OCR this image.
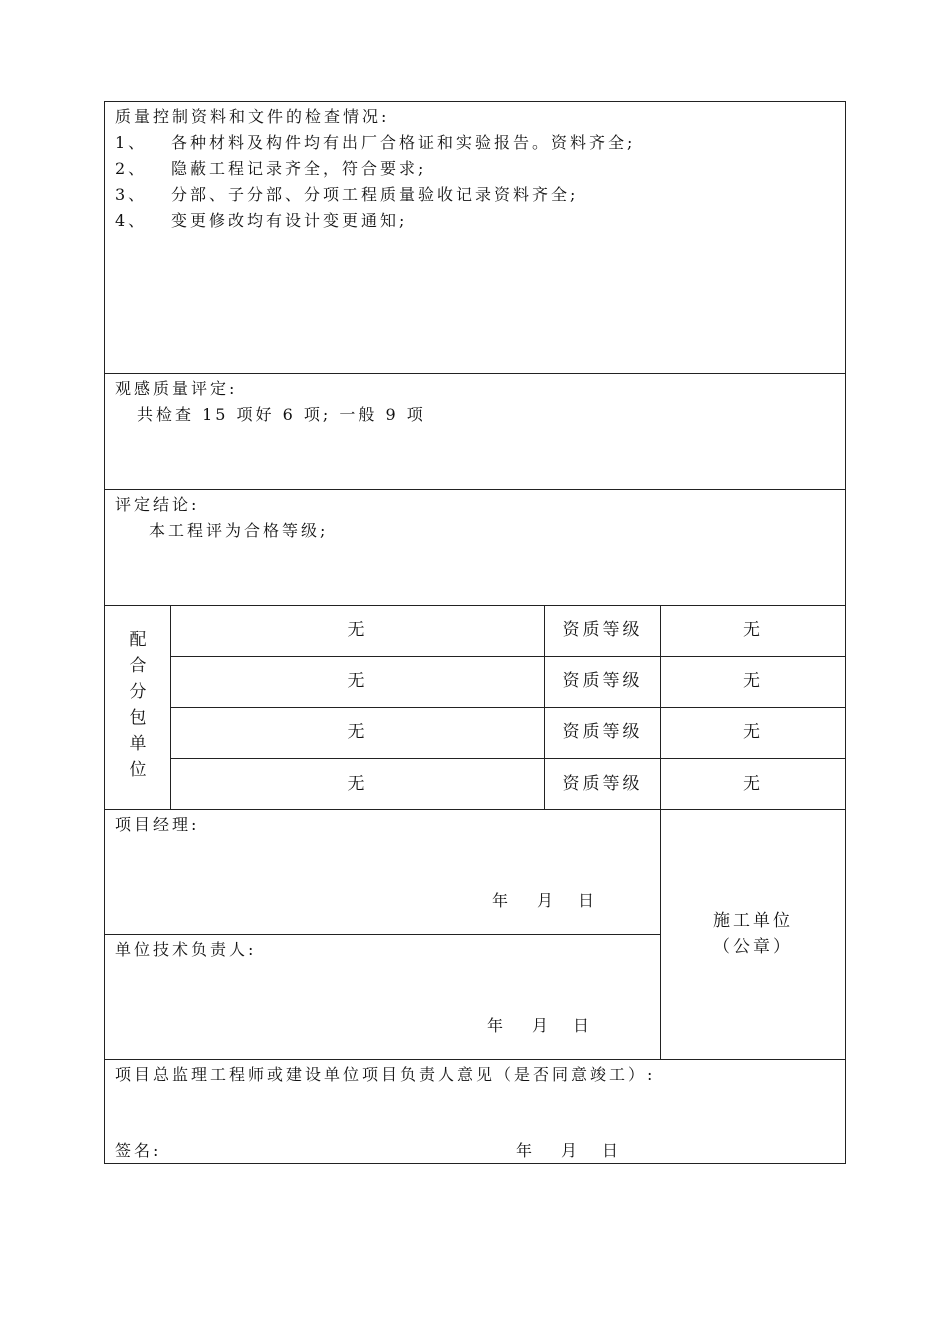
质量控制资料和文件的检查情况:
1、 各种材料及构件均有出厂合格证和实验报告。资料齐全;
2、 隐蔽工程记录齐全，符合要求;
3、 分部、子分部、分项工程质量验收记录资料齐全;
4、 变更修改均有设计变更通知;
观感质量评定:
共检查 15 项好 6 项; 一般 9 项
评定结论:
本工程评为合格等级;
配
合
分
包
单
位
无	资质等级	无
无	资质等级	无
无	资质等级	无
无	资质等级	无
项目经理:
年 月 日
单位技术负责人:
年 月 日
施工单位
（公章）
项目总监理工程师或建设单位项目负责人意见（是否同意竣工）:
签名:	年 月 日
